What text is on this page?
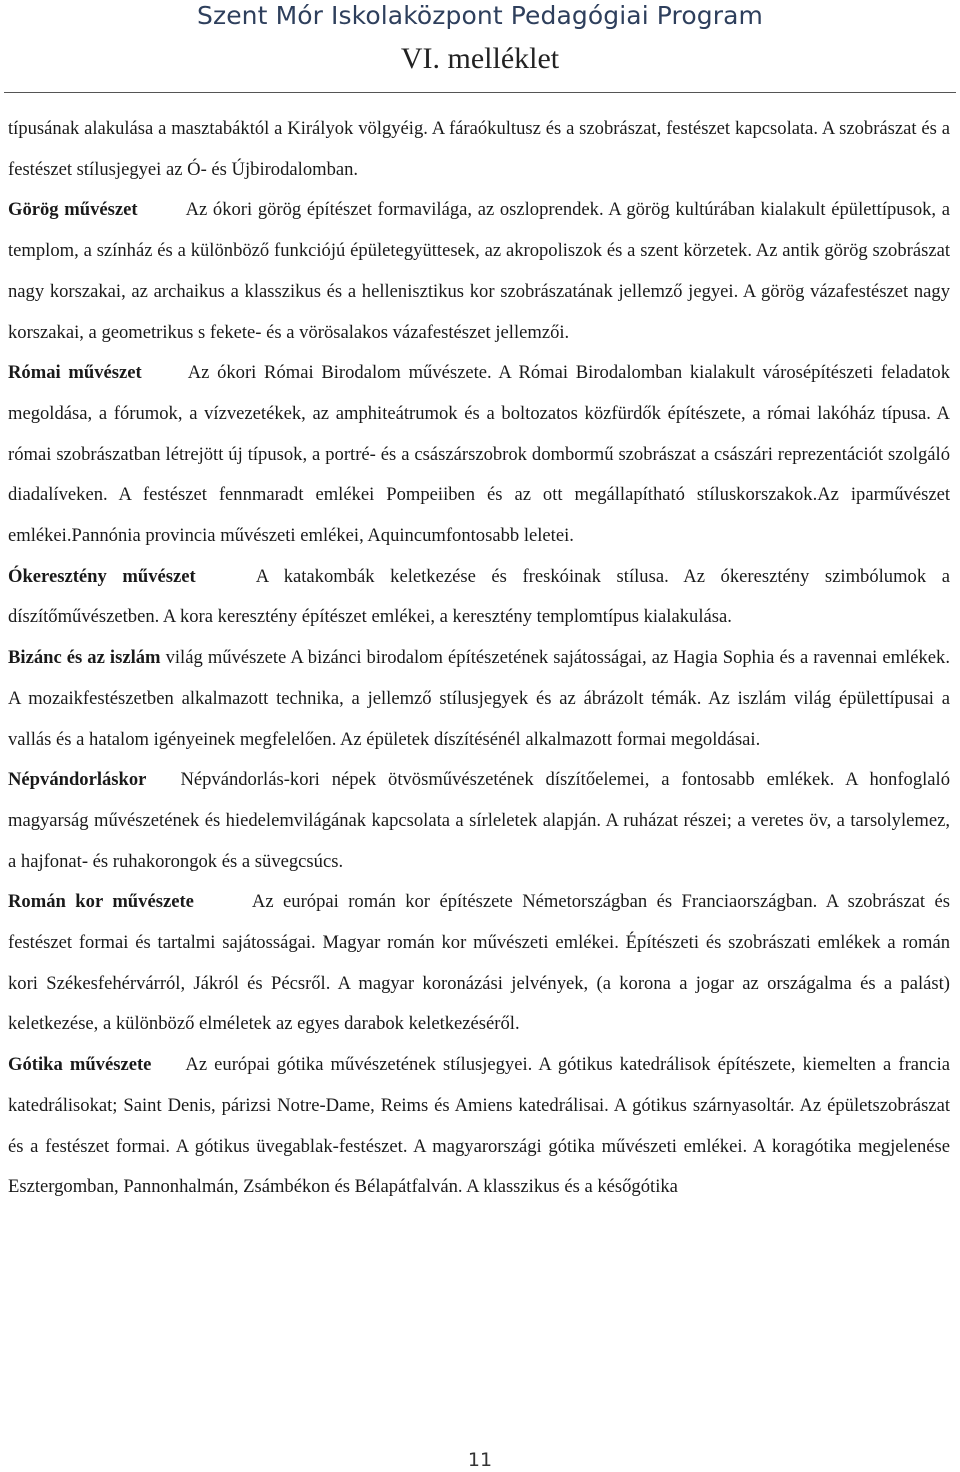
Szent Mór Iskolaközpont Pedagógiai Program
VI. melléklet

típusának alakulása a masztabáktól a Királyok völgyéig. A fáraókultusz és a szobrászat, festészet kapcsolata. A szobrászat és a festészet stílusjegyei az Ó- és Újbirodalomban.

Görög művészet	Az ókori görög építészet formavilága, az oszloprendek. A görög kultúrában kialakult épülettípusok, a templom, a színház és a különböző funkciójú épületegyüttesek, az akropoliszok és a szent körzetek. Az antik görög szobrászat nagy korszakai, az archaikus a klasszikus és a hellenisztikus kor szobrászatának jellemző jegyei. A görög vázafestészet nagy korszakai, a geometrikus s fekete- és a vörösalakos vázafestészet jellemzői.

Római művészet Az ókori Római Birodalom művészete. A Római Birodalomban kialakult városépítészeti feladatok megoldása, a fórumok, a vízvezetékek, az amphiteátrumok és a boltozatos közfürdők építészete, a római lakóház típusa. A római szobrászatban létrejött új típusok, a portré- és a császárszobrok dombormű szobrászat a császári reprezentációt szolgáló diadalíveken. A festészet fennmaradt emlékei Pompeiiben és az ott megállapítható stíluskorszakok.Az iparművészet emlékei.Pannónia provincia művészeti emlékei, Aquincumfontosabb leletei.

Ókeresztény művészet	A katakombák keletkezése és freskóinak stílusa. Az ókeresztény szimbólumok a díszítőművészetben. A kora keresztény építészet emlékei, a keresztény templomtípus kialakulása.

Bizánc és az iszlám világ művészete A bizánci birodalom építészetének sajátosságai, az Hagia Sophia és a ravennai emlékek. A mozaikfestészetben alkalmazott technika, a jellemző stílusjegyek és az ábrázolt témák. Az iszlám világ épülettípusai a vallás és a hatalom igényeinek megfelelően. Az épületek díszítésénél alkalmazott formai megoldásai.

Népvándorláskor Népvándorlás-kori népek ötvösművészetének díszítőelemei, a fontosabb emlékek. A honfoglaló magyarság művészetének és hiedelemvilágának kapcsolata a sírleletek alapján. A ruházat részei; a veretes öv, a tarsolylemez, a hajfonat- és ruhakorongok és a süvegcsúcs.

Román kor művészete	Az európai román kor építészete Németországban és Franciaországban. A szobrászat és festészet formai és tartalmi sajátosságai. Magyar román kor művészeti emlékei. Építészeti és szobrászati emlékek a román kori Székesfehérvárról, Jákról és Pécsről. A magyar koronázási jelvények, (a korona a jogar az országalma és a palást) keletkezése, a különböző elméletek az egyes darabok keletkezéséről.

Gótika művészete Az európai gótika művészetének stílusjegyei. A gótikus katedrálisok építészete, kiemelten a francia katedrálisokat; Saint Denis, párizsi Notre-Dame, Reims és Amiens katedrálisai. A gótikus szárnyasoltár. Az épületszobrászat és a festészet formai. A gótikus üvegablak-festészet. A magyarországi gótika művészeti emlékei. A koragótika megjelenése Esztergomban, Pannonhalmán, Zsámbékon és Bélapátfalván. A klasszikus és a későgótika

11
